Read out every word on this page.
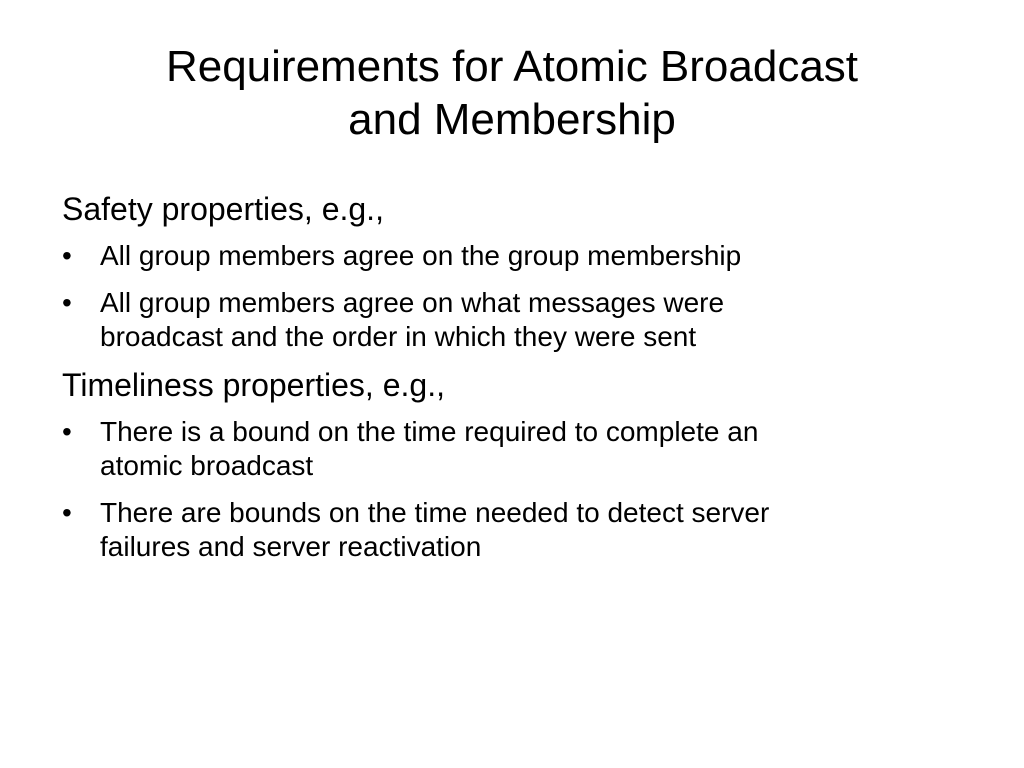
Requirements for Atomic Broadcast
and Membership

Safety properties, e.g.,

•	All group members agree on the group membership
•	All group members agree on what messages were
broadcast and the order in which they were sent

Timeliness properties, e.g.,

•	There is a bound on the time required to complete an
atomic broadcast
•	There are bounds on the time needed to detect server
failures and server reactivation
